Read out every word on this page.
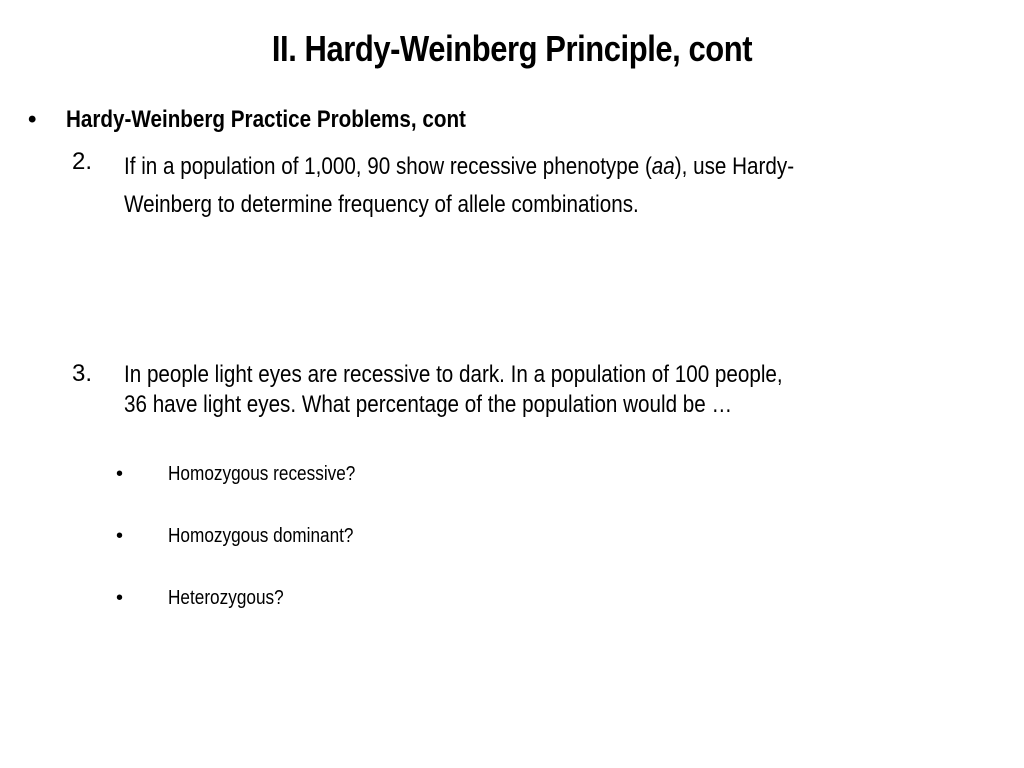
II. Hardy-Weinberg Principle, cont
• Hardy-Weinberg Practice Problems, cont
2. If in a population of 1,000, 90 show recessive phenotype (aa), use Hardy-
Weinberg to determine frequency of allele combinations.
3. In people light eyes are recessive to dark. In a population of 100 people,
36 have light eyes. What percentage of the population would be …
• Homozygous recessive?
• Homozygous dominant?
• Heterozygous?
